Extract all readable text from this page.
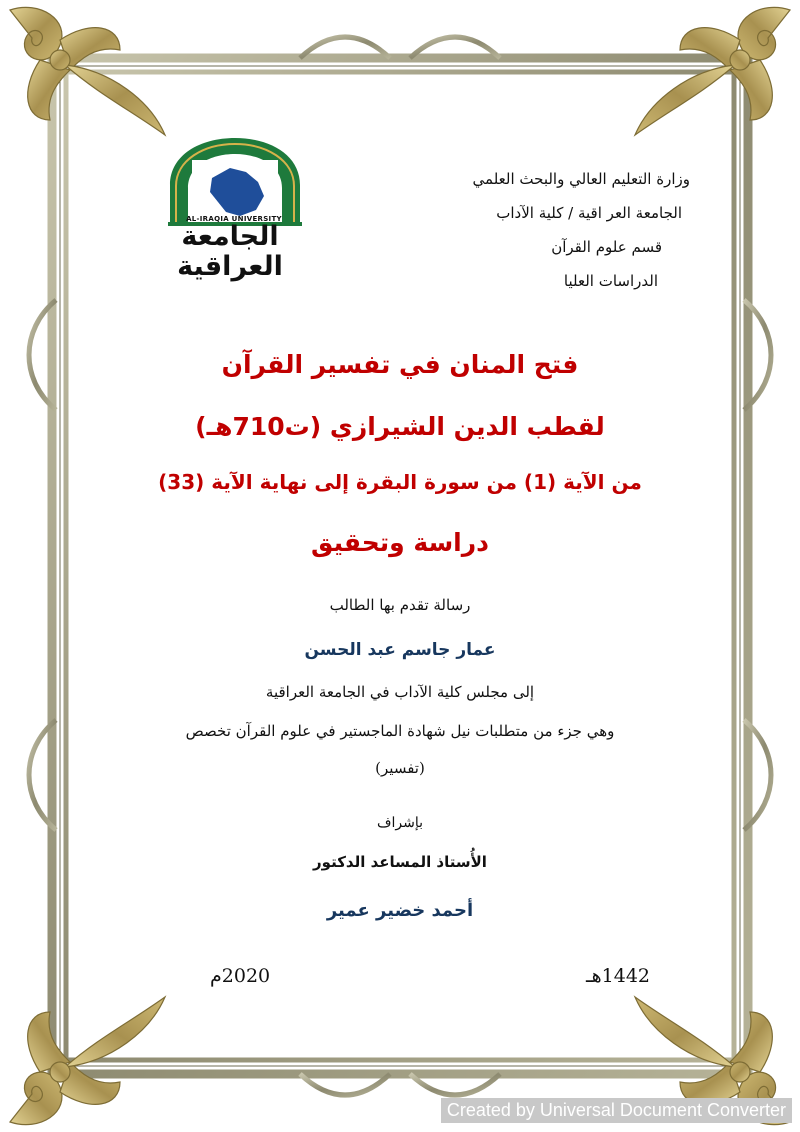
وزارة التعليم العالي والبحث العلمي
الجامعة العر اقية / كلية الآداب
قسم علوم القرآن
الدراسات العليا
AL-IRAQIA UNIVERSITY
الجامعة
العراقية
فتح المنان في تفسير القرآن
لقطب الدين الشيرازي (ت710هـ)
من الآية (1) من سورة البقرة إلى نهاية الآية (33)
دراسة وتحقيق
رسالة تقدم بها الطالب
عمار جاسم عبد الحسن
إلى مجلس كلية الآداب في الجامعة العراقية
وهي جزء من متطلبات نيل شهادة الماجستير في علوم القرآن تخصص
(تفسير)
بإشراف
الأُستاذ المساعد الدكتور
أحمد خضير عمير
1442هـ
2020م
Created by Universal Document Converter
